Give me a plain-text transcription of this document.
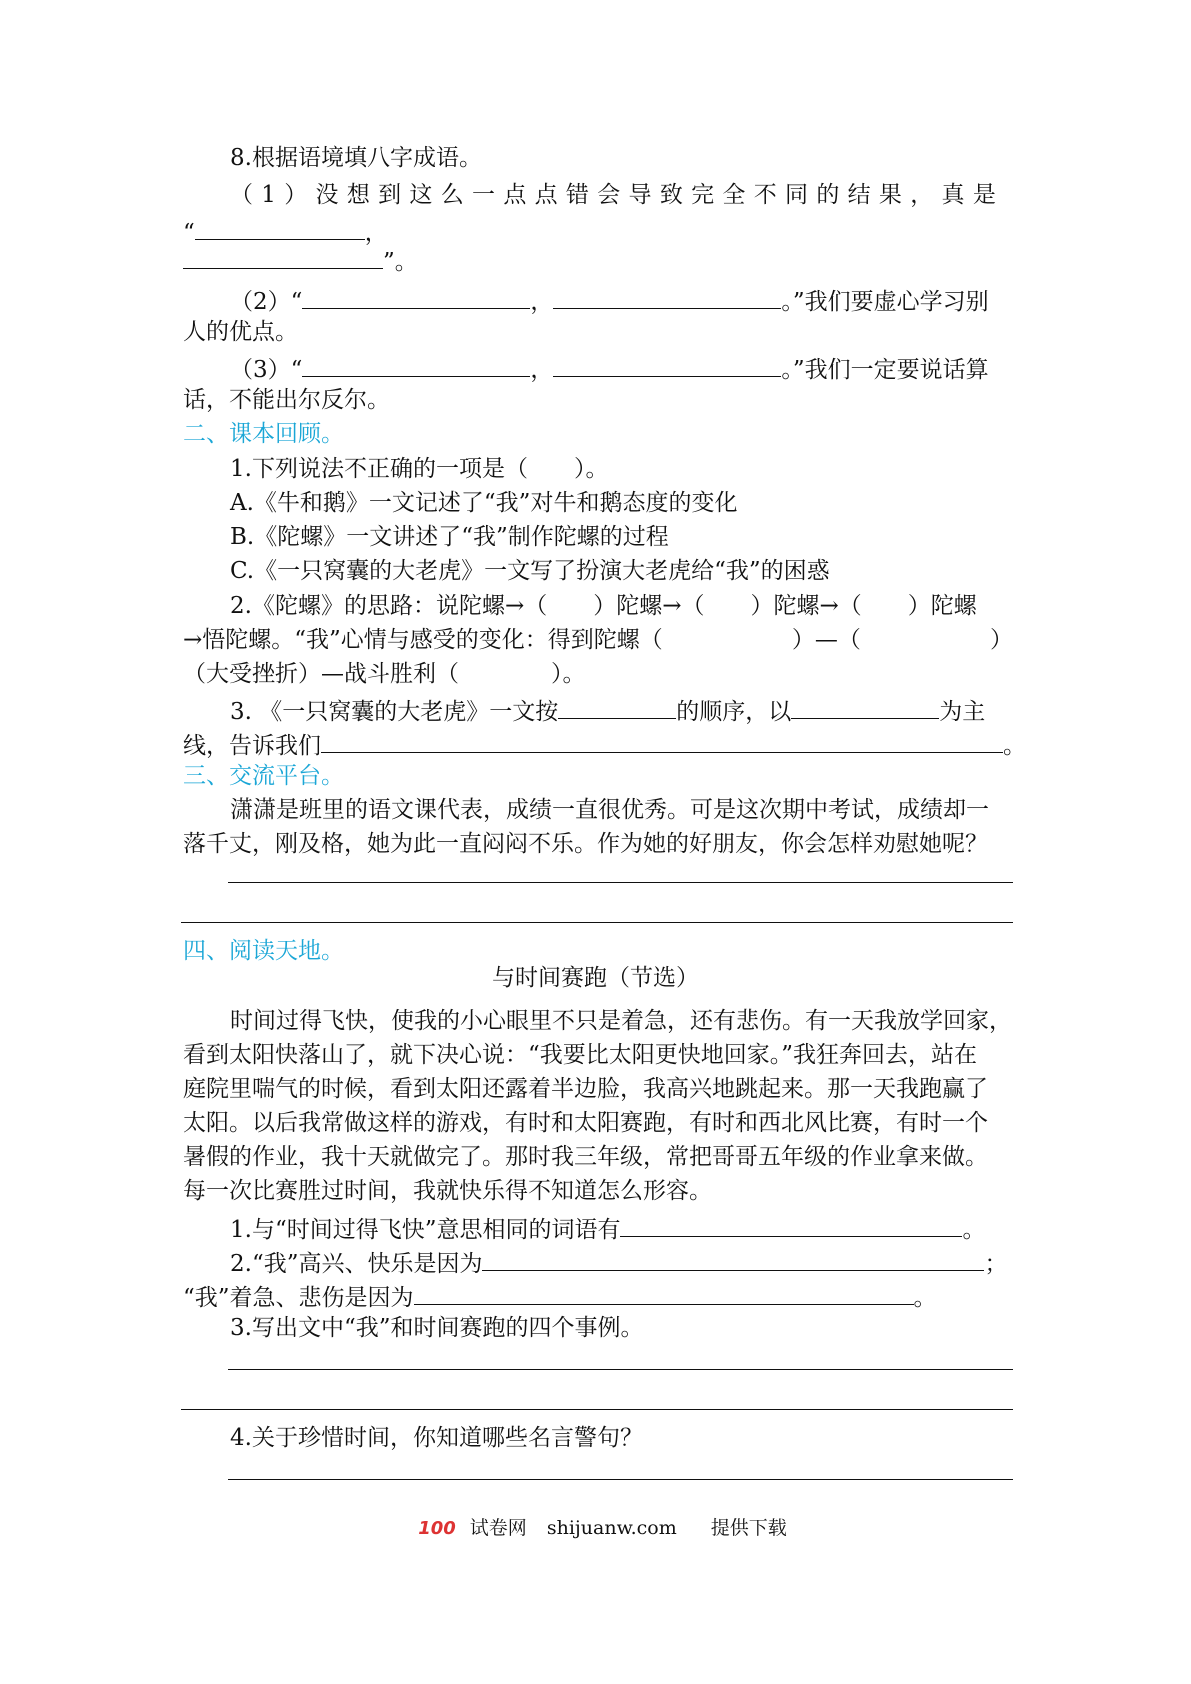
8.根据语境填八字成语。
（1）没想到这么一点点错会导致完全不同的结果，真是
“	，
”。
（2）“	，	。”我们要虚心学习别
人的优点。
（3）“	，	。”我们一定要说话算
话，不能出尔反尔。
二、课本回顾。
1.下列说法不正确的一项是（　　）。
A.《牛和鹅》一文记述了“我”对牛和鹅态度的变化
B.《陀螺》一文讲述了“我”制作陀螺的过程
C.《一只窝囊的大老虎》一文写了扮演大老虎给“我”的困惑
2.《陀螺》的思路：说陀螺→（　　）陀螺→（　　）陀螺→（　　）陀螺
→悟陀螺。“我”心情与感受的变化：得到陀螺（	）—（	）
（大受挫折）—战斗胜利（　　　　）。
3. 《一只窝囊的大老虎》一文按	的顺序，以	为主
线，告诉我们	。
三、交流平台。
潇潇是班里的语文课代表，成绩一直很优秀。可是这次期中考试，成绩却一
落千丈，刚及格，她为此一直闷闷不乐。作为她的好朋友，你会怎样劝慰她呢？
四、阅读天地。
与时间赛跑（节选）
时间过得飞快，使我的小心眼里不只是着急，还有悲伤。有一天我放学回家，
看到太阳快落山了，就下决心说：“我要比太阳更快地回家。”我狂奔回去，站在
庭院里喘气的时候，看到太阳还露着半边脸，我高兴地跳起来。那一天我跑赢了
太阳。以后我常做这样的游戏，有时和太阳赛跑，有时和西北风比赛，有时一个
暑假的作业，我十天就做完了。那时我三年级，常把哥哥五年级的作业拿来做。
每一次比赛胜过时间，我就快乐得不知道怎么形容。
1.与“时间过得飞快”意思相同的词语有	。
2.“我”高兴、快乐是因为	；
“我”着急、悲伤是因为	。
3.写出文中“我”和时间赛跑的四个事例。
4.关于珍惜时间，你知道哪些名言警句？
100 试卷网 shijuanw.com 提供下载
